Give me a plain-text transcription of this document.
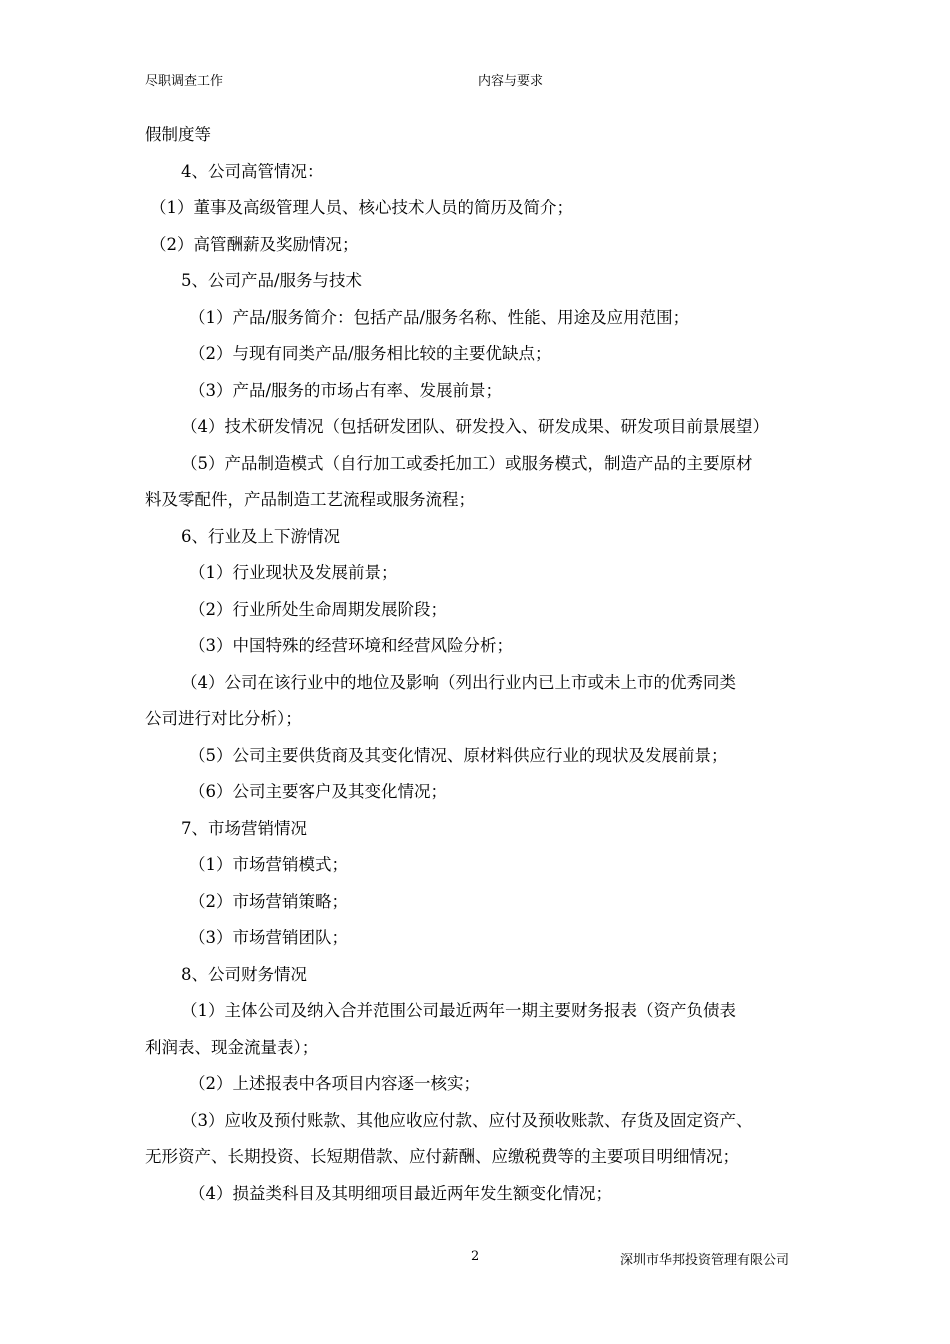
尽职调查工作	内容与要求
假制度等
4、公司高管情况：
（1）董事及高级管理人员、核心技术人员的简历及简介；
（2）高管酬薪及奖励情况；
5、公司产品/服务与技术
（1）产品/服务简介：包括产品/服务名称、性能、用途及应用范围；
（2）与现有同类产品/服务相比较的主要优缺点；
（3）产品/服务的市场占有率、发展前景；
（4）技术研发情况（包括研发团队、研发投入、研发成果、研发项目前景展望）
（5）产品制造模式（自行加工或委托加工）或服务模式，制造产品的主要原材
料及零配件，产品制造工艺流程或服务流程；
6、行业及上下游情况
（1）行业现状及发展前景；
（2）行业所处生命周期发展阶段；
（3）中国特殊的经营环境和经营风险分析；
（4）公司在该行业中的地位及影响（列出行业内已上市或未上市的优秀同类
公司进行对比分析）；
（5）公司主要供货商及其变化情况、原材料供应行业的现状及发展前景；
（6）公司主要客户及其变化情况；
7、市场营销情况
（1）市场营销模式；
（2）市场营销策略；
（3）市场营销团队；
8、公司财务情况
（1）主体公司及纳入合并范围公司最近两年一期主要财务报表（资产负债表
利润表、现金流量表）；
（2）上述报表中各项目内容逐一核实；
（3）应收及预付账款、其他应收应付款、应付及预收账款、存货及固定资产、
无形资产、长期投资、长短期借款、应付薪酬、应缴税费等的主要项目明细情况；
（4）损益类科目及其明细项目最近两年发生额变化情况；
2	深圳市华邦投资管理有限公司
